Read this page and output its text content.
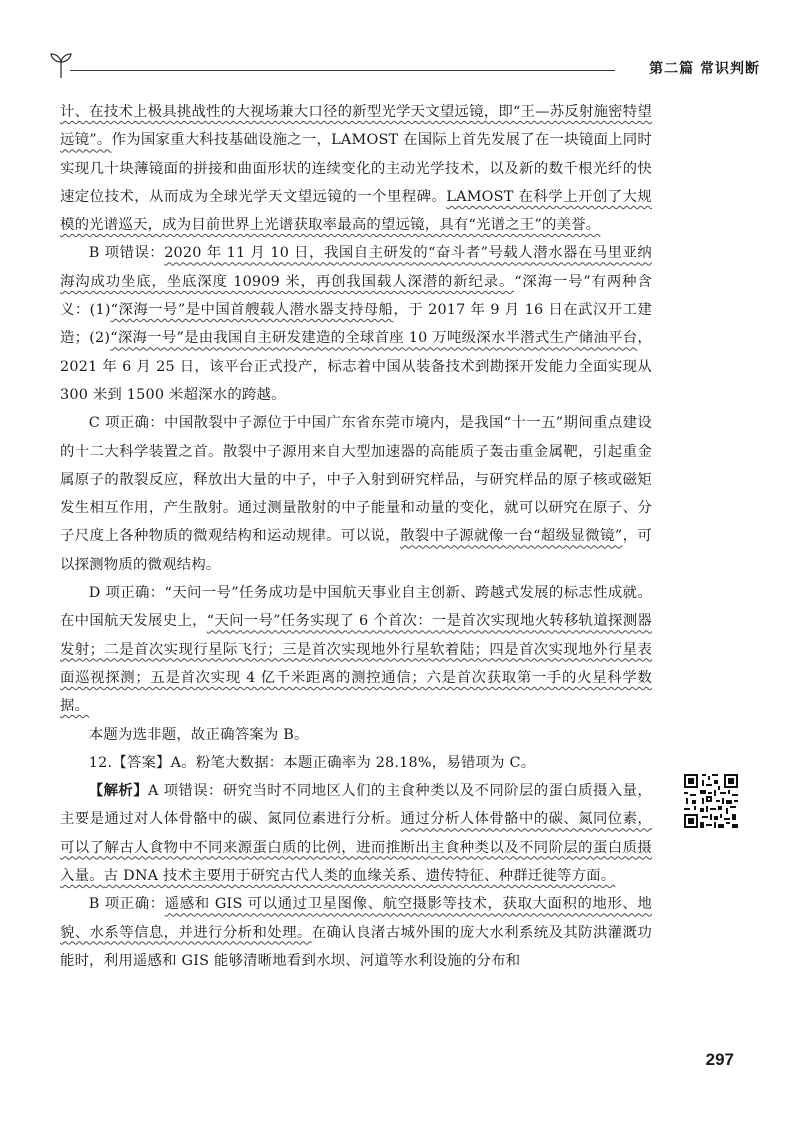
第二篇 常识判断

计、在技术上极具挑战性的大视场兼大口径的新型光学天文望远镜，即“王—苏反射施密特望远镜”。作为国家重大科技基础设施之一，LAMOST 在国际上首先发展了在一块镜面上同时实现几十块薄镜面的拼接和曲面形状的连续变化的主动光学技术，以及新的数千根光纤的快速定位技术，从而成为全球光学天文望远镜的一个里程碑。LAMOST 在科学上开创了大规模的光谱巡天，成为目前世界上光谱获取率最高的望远镜，具有“光谱之王”的美誉。

B 项错误：2020 年 11 月 10 日，我国自主研发的“奋斗者”号载人潜水器在马里亚纳海沟成功坐底，坐底深度 10909 米，再创我国载人深潜的新纪录。“深海一号”有两种含义：(1)“深海一号”是中国首艘载人潜水器支持母船，于 2017 年 9 月 16 日在武汉开工建造；(2)“深海一号”是由我国自主研发建造的全球首座 10 万吨级深水半潜式生产储油平台，2021 年 6 月 25 日，该平台正式投产，标志着中国从装备技术到勘探开发能力全面实现从 300 米到 1500 米超深水的跨越。

C 项正确：中国散裂中子源位于中国广东省东莞市境内，是我国“十一五”期间重点建设的十二大科学装置之首。散裂中子源用来自大型加速器的高能质子轰击重金属靶，引起重金属原子的散裂反应，释放出大量的中子，中子入射到研究样品，与研究样品的原子核或磁矩发生相互作用，产生散射。通过测量散射的中子能量和动量的变化，就可以研究在原子、分子尺度上各种物质的微观结构和运动规律。可以说，散裂中子源就像一台“超级显微镜”，可以探测物质的微观结构。

D 项正确：“天问一号”任务成功是中国航天事业自主创新、跨越式发展的标志性成就。在中国航天发展史上，“天问一号”任务实现了 6 个首次：一是首次实现地火转移轨道探测器发射；二是首次实现行星际飞行；三是首次实现地外行星软着陆；四是首次实现地外行星表面巡视探测；五是首次实现 4 亿千米距离的测控通信；六是首次获取第一手的火星科学数据。

本题为选非题，故正确答案为 B。

12.【答案】A。粉笔大数据：本题正确率为 28.18%，易错项为 C。

【解析】A 项错误：研究当时不同地区人们的主食种类以及不同阶层的蛋白质摄入量，主要是通过对人体骨骼中的碳、氮同位素进行分析。通过分析人体骨骼中的碳、氮同位素，可以了解古人食物中不同来源蛋白质的比例，进而推断出主食种类以及不同阶层的蛋白质摄入量。古 DNA 技术主要用于研究古代人类的血缘关系、遗传特征、种群迁徙等方面。

B 项正确：遥感和 GIS 可以通过卫星图像、航空摄影等技术，获取大面积的地形、地貌、水系等信息，并进行分析和处理。在确认良渚古城外围的庞大水利系统及其防洪灌溉功能时，利用遥感和 GIS 能够清晰地看到水坝、河道等水利设施的分布和

297
